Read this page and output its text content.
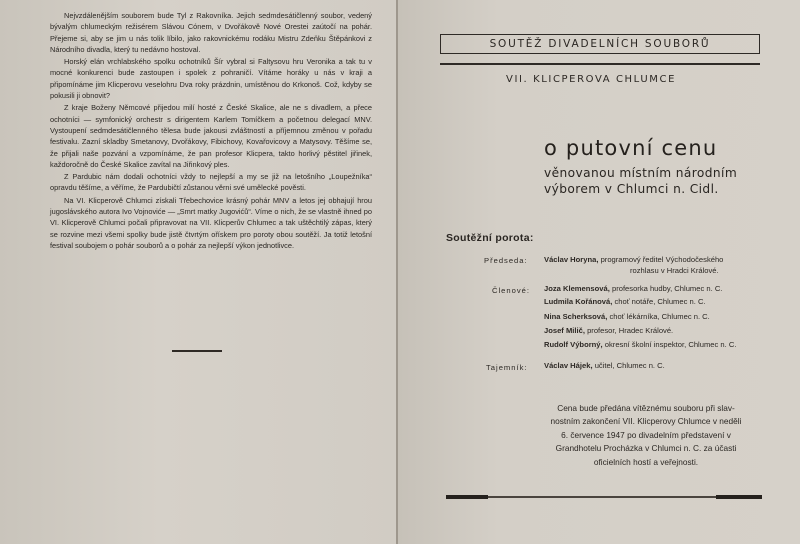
Nejvzdálenějším souborem bude Tyl z Rakovníka. Jejich sedmdesátičlenný soubor, vedený bývalým chlumeckým režisérem Slávou Cónem, v Dvořákově Nové Orestei zaútočí na pohár. Přejeme si, aby se jim u nás tolik líbilo, jako rakovnickému rodáku Mistru Zdeňku Štěpánkovi z Národního divadla, který tu nedávno hostoval.

Horský elán vrchlabského spolku ochotníků Šír vybral si Faltysovu hru Veronika a tak tu v mocné konkurenci bude zastoupen i spolek z pohraničí. Vítáme horáky u nás v kraji a připomínáme jim Klicperovu veselohru Dva roky prázdnin, umístěnou do Krkonoš. Což, kdyby se pokusili ji obnovit?

Z kraje Boženy Němcové přijedou milí hosté z České Skalice, ale ne s divadlem, a přece ochotníci — symfonický orchestr s dirigentem Karlem Tomíčkem a početnou delegací MNV. Vystoupení sedmdesátičlenného tělesa bude jakousi zvláštností a příjemnou změnou v pořadu festivalu. Zazní skladby Smetanovy, Dvořákovy, Fibichovy, Kovařovicovy a Matysovy. Těšíme se, že přijali naše pozvání a vzpomínáme, že pan profesor Klicpera, takto horlivý pěstitel jiřinek, každoročně do České Skalice zavítal na Jiřinkový ples.

Z Pardubic nám dodali ochotníci vždy to nejlepší a my se již na letošního „Loupežníka“ opravdu těšíme, a věříme, že Pardubičtí zůstanou věrni své umělecké pověsti.

Na VI. Klicperově Chlumci získali Třebechovice krásný pohár MNV a letos jej obhajují hrou jugoslávského autora Ivo Vojnoviće — „Smrt matky Jugovićů“. Víme o nich, že se vlastně ihned po VI. Klicperově Chlumci počali připravovat na VII. Klicperův Chlumec a tak uštěchtilý zápas, který se rozvine mezi všemi spolky bude jistě čtvrtým ořískem pro poroty obou soutěží. Ja totiž letošní festival soubojem o pohár souborů a o pohár za nejlepší výkon jednotlivce.

SOUTĚŽ DIVADELNÍCH SOUBORŮ
VII. KLICPEROVA CHLUMCE
o putovní cenu
věnovanou místním národním
výborem v Chlumci n. Cidl.
Soutěžní porota:
Předseda: Václav Horyna, programový ředitel Východočeského
rozhlasu v Hradci Králové.
Členové: Joza Klemensová, profesorka hudby, Chlumec n. C.
Ludmila Kořánová, choť notáře, Chlumec n. C.
Nina Scherksová, choť lékárníka, Chlumec n. C.
Josef Milič, profesor, Hradec Králové.
Rudolf Výborný, okresní školní inspektor, Chlumec n. C.
Tajemník: Václav Hájek, učitel, Chlumec n. C.
Cena bude předána vítěznému souboru při slav-
nostním zakončení VII. Klicperovy Chlumce v neděli
6. července 1947 po divadelním představení v
Grandhotelu Procházka v Chlumci n. C. za účasti
oficielních hostí a veřejnosti.
